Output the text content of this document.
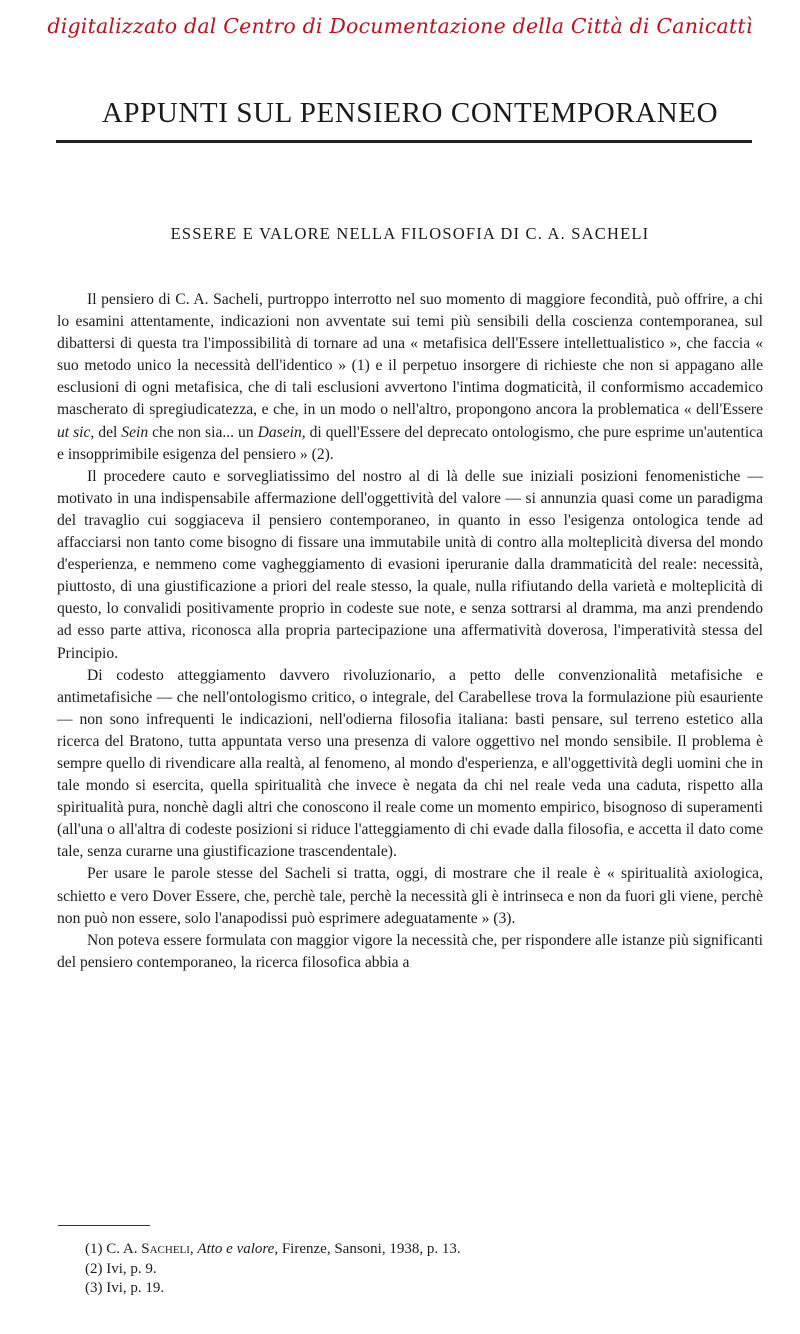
digitalizzato dal Centro di Documentazione della Città di Canicattì
APPUNTI SUL PENSIERO CONTEMPORANEO
ESSERE E VALORE NELLA FILOSOFIA DI C. A. SACHELI

Il pensiero di C. A. Sacheli, purtroppo interrotto nel suo momento di maggiore fecondità, può offrire, a chi lo esamini attentamente, indicazioni non avventate sui temi più sensibili della coscienza contemporanea, sul dibattersi di questa tra l'impossibilità di tornare ad una « metafisica dell'Essere intellettualistico », che faccia « suo metodo unico la necessità dell'identico » (1) e il perpetuo insorgere di richieste che non si appagano alle esclusioni di ogni metafisica, che di tali esclusioni avvertono l'intima dogmaticità, il conformismo accademico mascherato di spregiudicatezza, e che, in un modo o nell'altro, propongono ancora la problematica « dell'Essere ut sic, del Sein che non sia... un Dasein, di quell'Essere del deprecato ontologismo, che pure esprime un'autentica e insopprimibile esigenza del pensiero » (2).

Il procedere cauto e sorvegliatissimo del nostro al di là delle sue iniziali posizioni fenomenistiche — motivato in una indispensabile affermazione dell'oggettività del valore — si annunzia quasi come un paradigma del travaglio cui soggiaceva il pensiero contemporaneo, in quanto in esso l'esigenza ontologica tende ad affacciarsi non tanto come bisogno di fissare una immutabile unità di contro alla molteplicità diversa del mondo d'esperienza, e nemmeno come vagheggiamento di evasioni iperuranie dalla drammaticità del reale: necessità, piuttosto, di una giustificazione a priori del reale stesso, la quale, nulla rifiutando della varietà e molteplicità di questo, lo convalidi positivamente proprio in codeste sue note, e senza sottrarsi al dramma, ma anzi prendendo ad esso parte attiva, riconosca alla propria partecipazione una affermatività doverosa, l'imperatività stessa del Principio.

Di codesto atteggiamento davvero rivoluzionario, a petto delle convenzionalità metafisiche e antimetafisiche — che nell'ontologismo critico, o integrale, del Carabellese trova la formulazione più esauriente — non sono infrequenti le indicazioni, nell'odierna filosofia italiana: basti pensare, sul terreno estetico alla ricerca del Bratono, tutta appuntata verso una presenza di valore oggettivo nel mondo sensibile. Il problema è sempre quello di rivendicare alla realtà, al fenomeno, al mondo d'esperienza, e all'oggettività degli uomini che in tale mondo si esercita, quella spiritualità che invece è negata da chi nel reale veda una caduta, rispetto alla spiritualità pura, nonchè dagli altri che conoscono il reale come un momento empirico, bisognoso di superamenti (all'una o all'altra di codeste posizioni si riduce l'atteggiamento di chi evade dalla filosofia, e accetta il dato come tale, senza curarne una giustificazione trascendentale).

Per usare le parole stesse del Sacheli si tratta, oggi, di mostrare che il reale è « spiritualità axiologica, schietto e vero Dover Essere, che, perchè tale, perchè la necessità gli è intrinseca e non da fuori gli viene, perchè non può non essere, solo l'anapodissi può esprimere adeguatamente » (3).

Non poteva essere formulata con maggior vigore la necessità che, per rispondere alle istanze più significanti del pensiero contemporaneo, la ricerca filosofica abbia a

(1) C. A. Sacheli, Atto e valore, Firenze, Sansoni, 1938, p. 13.
(2) Ivi, p. 9.
(3) Ivi, p. 19.
